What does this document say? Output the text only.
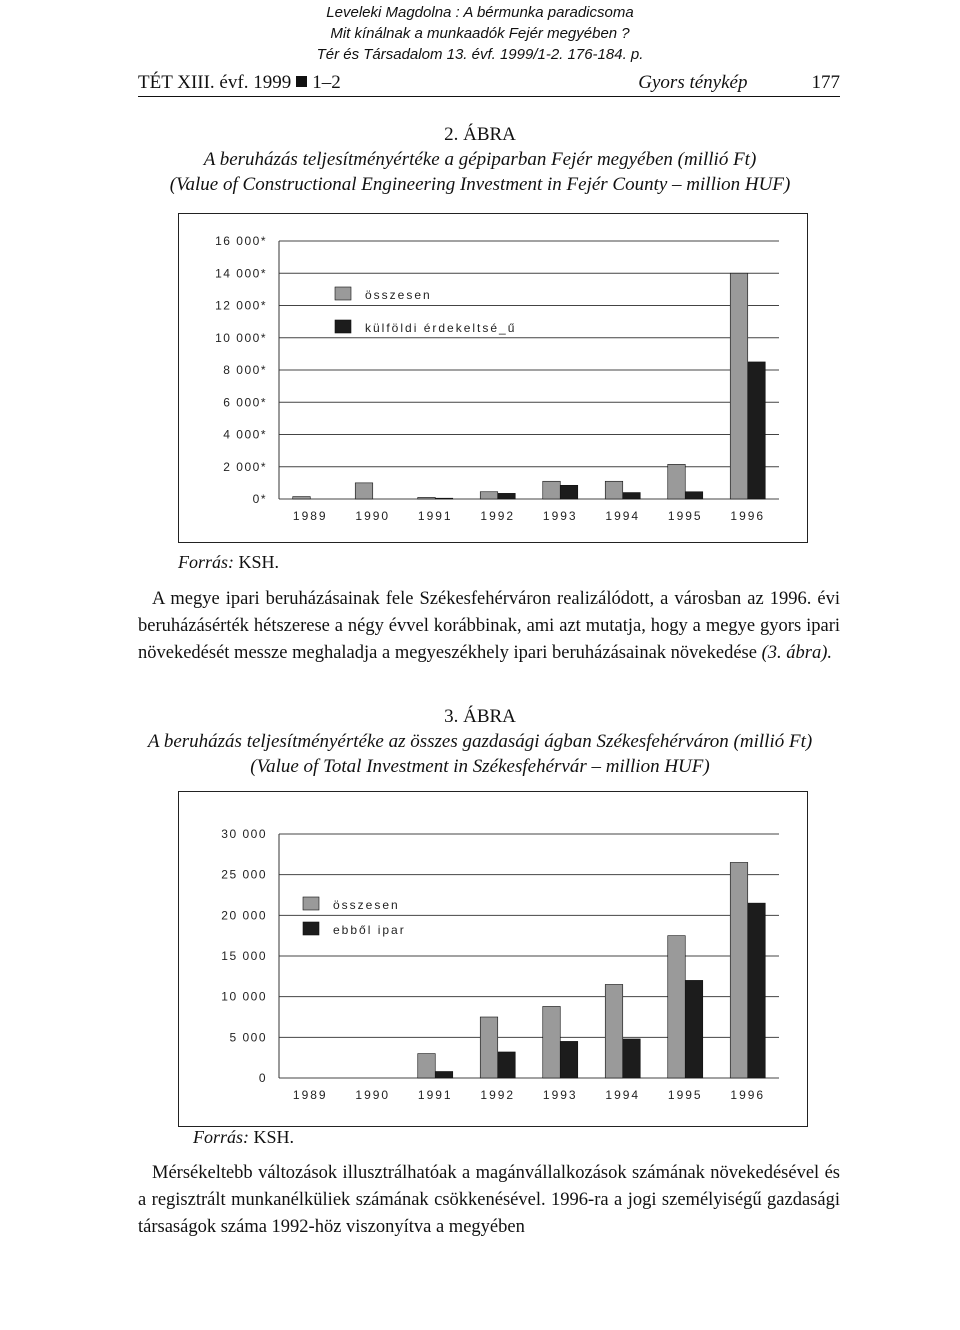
Leveleki Magdolna : A bérmunka paradicsoma
Mit kínálnak a munkaadók Fejér megyében ?
Tér és Társadalom 13. évf. 1999/1-2. 176-184. p.
TÉT XIII. évf. 1999 1–2	Gyors ténykép	177
2. ÁBRA
A beruházás teljesítményértéke a gépiparban Fejér megyében (millió Ft)
(Value of Constructional Engineering Investment in Fejér County – million HUF)
0*
2 000*
4 000*
6 000*
8 000*
10 000*
12 000*
14 000*
16 000*
1989 1990 1991 1992 1993 1994 1995 1996
összesen
külföldi érdekeltsé_ű
Forrás: KSH.
A megye ipari beruházásainak fele Székesfehérváron realizálódott, a városban az 1996. évi beruházásérték hétszerese a négy évvel korábbinak, ami azt mutatja, hogy a megye gyors ipari növekedését messze meghaladja a megyeszékhely ipari beruházásainak növekedése (3. ábra).
3. ÁBRA
A beruházás teljesítményértéke az összes gazdasági ágban Székesfehérváron (millió Ft)
(Value of Total Investment in Székesfehérvár – million HUF)
0
5 000
10 000
15 000
20 000
25 000
30 000
1989 1990 1991 1992 1993 1994 1995 1996
összesen
ebből ipar
Forrás: KSH.
Mérsékeltebb változások illusztrálhatóak a magánvállalkozások számának növekedésével és a regisztrált munkanélküliek számának csökkenésével. 1996-ra a jogi személyiségű gazdasági társaságok száma 1992-höz viszonyítva a megyében
